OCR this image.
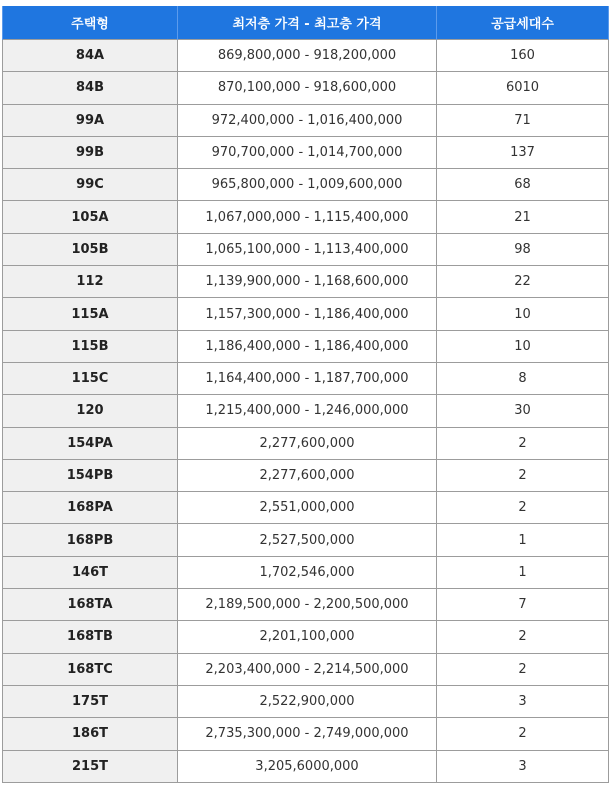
주택형	최저층 가격 - 최고층 가격	공급세대수
84A	869,800,000 - 918,200,000	160
84B	870,100,000 - 918,600,000	6010
99A	972,400,000 - 1,016,400,000	71
99B	970,700,000 - 1,014,700,000	137
99C	965,800,000 - 1,009,600,000	68
105A	1,067,000,000 - 1,115,400,000	21
105B	1,065,100,000 - 1,113,400,000	98
112	1,139,900,000 - 1,168,600,000	22
115A	1,157,300,000 - 1,186,400,000	10
115B	1,186,400,000 - 1,186,400,000	10
115C	1,164,400,000 - 1,187,700,000	8
120	1,215,400,000 - 1,246,000,000	30
154PA	2,277,600,000	2
154PB	2,277,600,000	2
168PA	2,551,000,000	2
168PB	2,527,500,000	1
146T	1,702,546,000	1
168TA	2,189,500,000 - 2,200,500,000	7
168TB	2,201,100,000	2
168TC	2,203,400,000 - 2,214,500,000	2
175T	2,522,900,000	3
186T	2,735,300,000 - 2,749,000,000	2
215T	3,205,6000,000	3
